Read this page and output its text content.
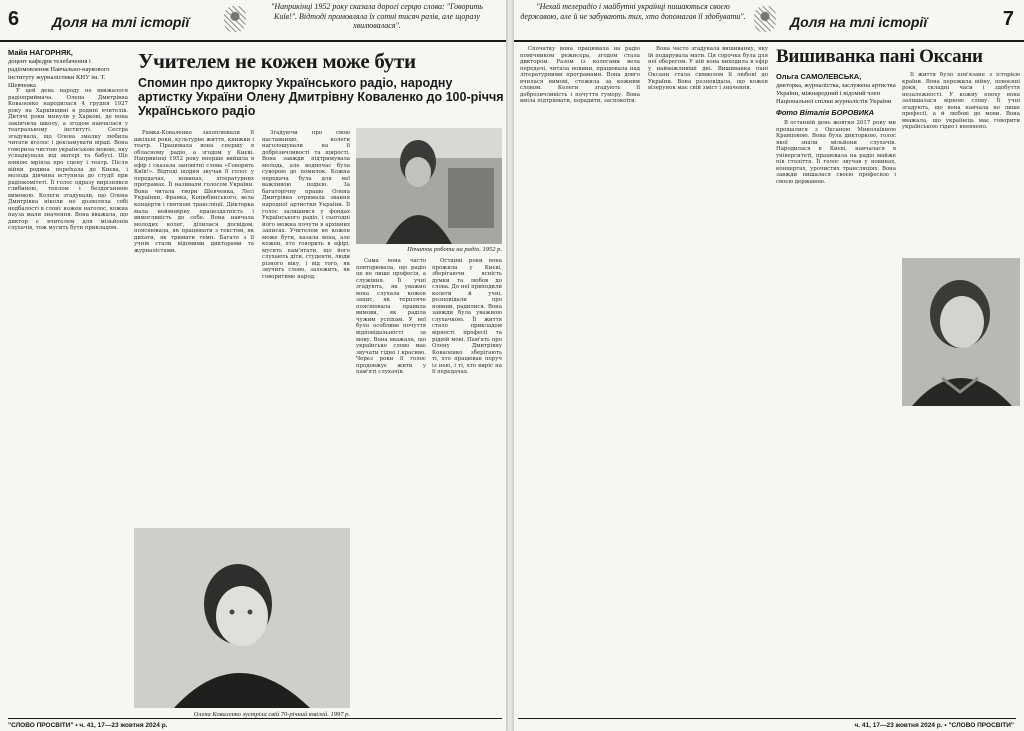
6 Доля на тлі історії
"Наприкінці 1952 року сказала дорогі серцю слова: "Говорить Київ!". Відтоді промовляла їх сотні тисяч разів, але щоразу хвилювалася".
Майя НАГОРНЯК,
доцент кафедри телебачення і радіомовлення Навчально-наукового інституту журналістики КНУ ім. Т. Шевченка
Учителем не кожен може бути
Спомин про дикторку Українського радіо, народну артистку України Олену Дмитрівну Коваленко до 100-річчя Українського радіо

У цей день народу не ввижалося радіоприймача. Олена Дмитрівна Коваленко народилася 4 грудня 1927 року на Харківщині в родині вчителів. Дитячі роки минули у Харкові, де вона закінчила школу, а згодом навчалася у театральному інституті. Сестра згадувала, що Олена змалку любила читати вголос і декламувати вірші. Вона говорила чистою українською мовою, яку успадкувала від матері та бабусі. Ще юнкою мріяла про сцену і театр. Після війни родина переїхала до Києва, і молода дівчина вступила до студії при радіокомітеті. Її голос одразу вирізнявся глибиною, теплом і бездоганною вимовою. Колеги згадували, що Олена Дмитрівна ніколи не дозволяла собі недбалості в слові: кожен наголос, кожна пауза мали значення. Вона вважала, що диктор є вчителем для мільйонів слухачів, тож мусить бути прикладом.

Рамка-Коваленко захоплювали її шкільні роки, культурне життя, книжки і театр. Працювала вона спершу в обласному радіо, а згодом у Києві. Наприкінці 1952 року вперше вийшла в ефір і сказала заповітні слова «Говорить Київ!». Відтоді щодня звучав її голос у передачах, новинах, літературних програмах. Її називали голосом України. Вона читала твори Шевченка, Лесі Українки, Франка, Коцюбинського, вела концерти і святкові трансляції. Дикторка мала неймовірну працездатність і вимогливість до себе. Вона навчала молодих колег, ділилася досвідом, пояснювала, як працювати з текстом, як дихати, як тримати темп. Багато з її учнів стали відомими дикторами та журналістами.

Згадуючи про свою наставницю, колеги наголошували на її доброзичливості та щирості. Вона завжди підтримувала молодь, але водночас була суворою до помилок. Кожна передача була для неї важливою подією. За багаторічну працю Олена Дмитрівна отримала звання народної артистки України. Її голос залишився у фондах Українського радіо, і сьогодні його можна почути в архівних записах. Учителем не кожен може бути, казала вона, але кожен, хто говорить в ефірі, мусить пам'ятати, що його слухають діти, студенти, люди різного віку, і від того, як звучить слово, залежить, як говоритиме народ.

Початок роботи на радіо. 1952 р.

Сама вона часто повторювала, що радіо це не лише професія, а служіння. Її учні згадують, як уважно вона слухала кожен запис, як терпляче пояснювала правила вимови, як раділа чужим успіхам. У неї було особливе почуття відповідальності за мову. Вона вважала, що українське слово має звучати гідно і красиво. Через роки її голос продовжує жити у пам'яті слухачів.

Останні роки вона прожила у Києві, зберігаючи ясність думки та любов до слова. До неї приходили колеги й учні, розповідали про новини, радилися. Вона завжди була уважною слухачкою. Її життя стало прикладом вірності професії та рідній мові. Пам'ять про Олену Дмитрівну Коваленко зберігають ті, хто працював поруч із нею, і ті, хто виріс на її передачах.

Олена Коваленко зустріла свій 70-річний ювілей. 1997 р.
"СЛОВО ПРОСВІТИ" • ч. 41, 17—23 жовтня 2024 р.
"Нехай телерадіо і майбутні українці пишаються своєю державою, але й не забувають тих, хто допомагав її здобувати".	Доля на тлі історії	7

Спочатку вона працювала на радіо помічником режисера, згодом стала диктором. Разом із колегами вела передачі, читала новини, працювала над літературними програмами. Вона довго вчилася вимові, стежила за кожним словом. Колеги згадують її доброзичливість і почуття гумору. Вона вміла підтримати, порадити, заспокоїти.

Вона часто згадувала вишиванку, яку їй подарувала мати. Ця сорочка була для неї оберегом. У ній вона виходила в ефір у найважливіші дні. Вишиванка пані Оксани стала символом її любові до України. Вона розповідала, що кожен візерунок має свій зміст і значення.

Вишиванка пані Оксани
Ольга САМОЛЕВСЬКА,
дикторка, журналістка, заслужена артистка України, міжнародний і відомий член Національної спілки журналістів України
Фото Віталія БОРОВИКА

В останній день жовтня 2017 року ми прощалися з Оксаною Миколаївною Кравцовою. Вона була дикторкою, голос якої знали мільйони слухачів. Народилася в Києві, навчалася в університеті, працювала на радіо майже пів століття. Її голос звучав у новинах, концертах, урочистих трансляціях. Вона завжди пишалася своєю професією і своєю державою.

Її життя було пов'язане з історією країни. Вона пережила війну, повоєнні роки, складні часи і здобуття незалежності. У кожну епоху вона залишалася вірною слову. Її учні згадують, що вона навчала не лише професії, а й любові до мови. Вона вважала, що українець має говорити українською гідно і впевнено.

ч. 41, 17—23 жовтня 2024 р. • "СЛОВО ПРОСВІТИ"
